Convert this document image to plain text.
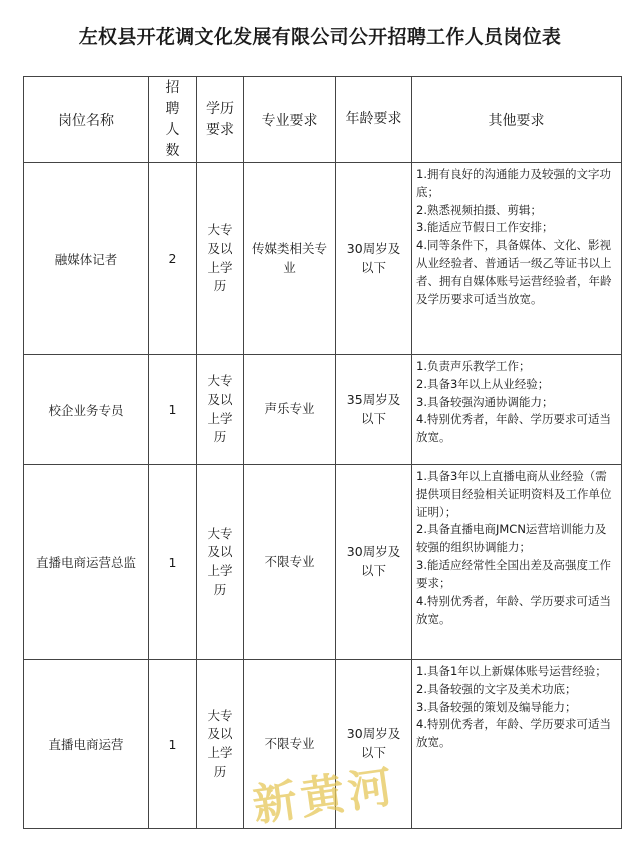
左权县开花调文化发展有限公司公开招聘工作人员岗位表
岗位名称	招聘人数	学历要求	专业要求	年龄要求	其他要求
融媒体记者	2	大专及以上学历	传媒类相关专业	30周岁及以下	1.拥有良好的沟通能力及较强的文字功底；
2.熟悉视频拍摄、剪辑；
3.能适应节假日工作安排；
4.同等条件下，具备媒体、文化、影视从业经验者、普通话一级乙等证书以上者、拥有自媒体账号运营经验者，年龄及学历要求可适当放宽。

校企业务专员	1	大专及以上学历	声乐专业	35周岁及以下	1.负责声乐教学工作；
2.具备3年以上从业经验；
3.具备较强沟通协调能力；
4.特别优秀者，年龄、学历要求可适当放宽。

直播电商运营总监	1	大专及以上学历	不限专业	30周岁及以下	1.具备3年以上直播电商从业经验（需提供项目经验相关证明资料及工作单位证明）；
2.具备直播电商JMCN运营培训能力及较强的组织协调能力；
3.能适应经常性全国出差及高强度工作要求；
4.特别优秀者，年龄、学历要求可适当放宽。

直播电商运营	1	大专及以上学历	不限专业	30周岁及以下	1.具备1年以上新媒体账号运营经验；
2.具备较强的文字及美术功底；
3.具备较强的策划及编导能力；
4.特别优秀者，年龄、学历要求可适当放宽。
新黄河
